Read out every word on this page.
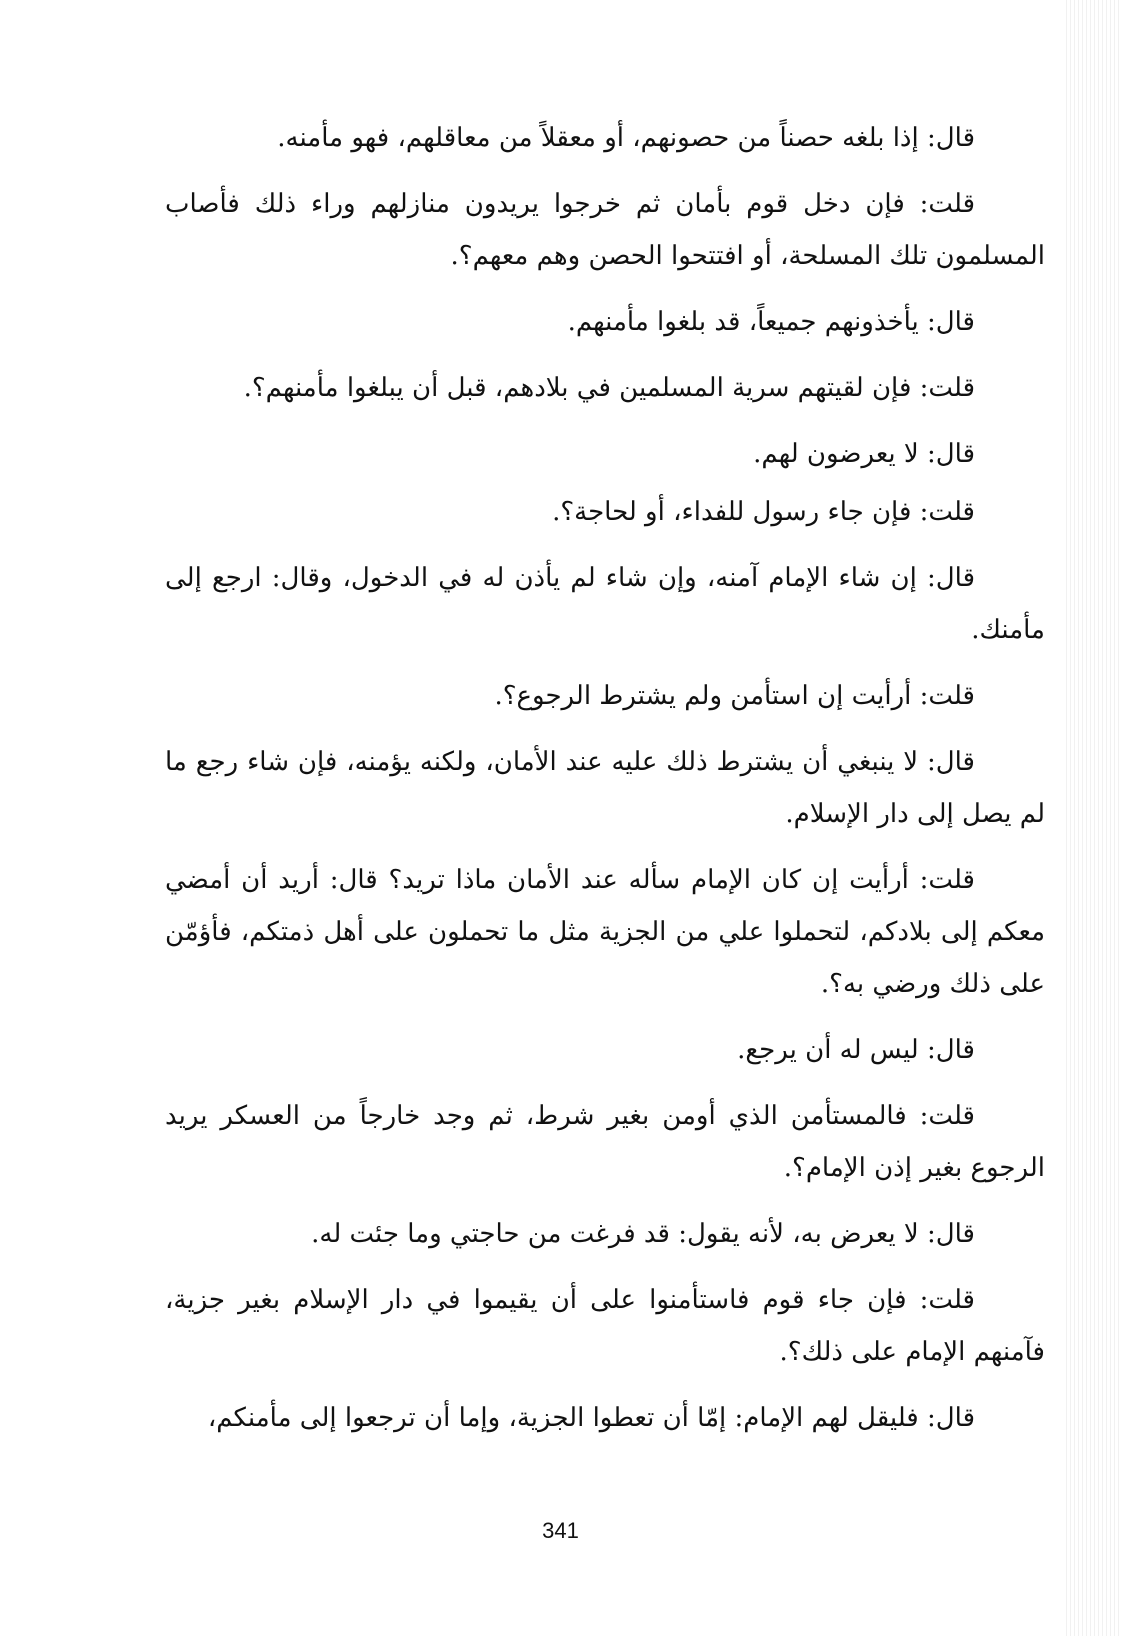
قال: إذا بلغه حصناً من حصونهم، أو معقلاً من معاقلهم، فهو مأمنه.

قلت: فإن دخل قوم بأمان ثم خرجوا يريدون منازلهم وراء ذلك فأصاب المسلمون تلك المسلحة، أو افتتحوا الحصن وهم معهم؟.

قال: يأخذونهم جميعاً، قد بلغوا مأمنهم.

قلت: فإن لقيتهم سرية المسلمين في بلادهم، قبل أن يبلغوا مأمنهم؟.

قال: لا يعرضون لهم.

قلت: فإن جاء رسول للفداء، أو لحاجة؟.

قال: إن شاء الإمام آمنه، وإن شاء لم يأذن له في الدخول، وقال: ارجع إلى مأمنك.

قلت: أرأيت إن استأمن ولم يشترط الرجوع؟.

قال: لا ينبغي أن يشترط ذلك عليه عند الأمان، ولكنه يؤمنه، فإن شاء رجع ما لم يصل إلى دار الإسلام.

قلت: أرأيت إن كان الإمام سأله عند الأمان ماذا تريد؟ قال: أريد أن أمضي معكم إلى بلادكم، لتحملوا علي من الجزية مثل ما تحملون على أهل ذمتكم، فأؤمّن على ذلك ورضي به؟.

قال: ليس له أن يرجع.

قلت: فالمستأمن الذي أومن بغير شرط، ثم وجد خارجاً من العسكر يريد الرجوع بغير إذن الإمام؟.

قال: لا يعرض به، لأنه يقول: قد فرغت من حاجتي وما جئت له.

قلت: فإن جاء قوم فاستأمنوا على أن يقيموا في دار الإسلام بغير جزية، فآمنهم الإمام على ذلك؟.

قال: فليقل لهم الإمام: إمّا أن تعطوا الجزية، وإما أن ترجعوا إلى مأمنكم،

341
